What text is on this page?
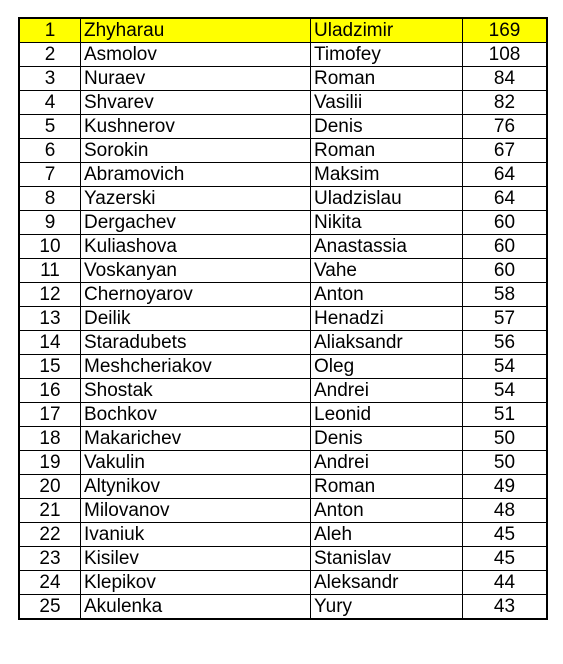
1	Zhyharau	Uladzimir	169
2	Asmolov	Timofey	108
3	Nuraev	Roman	84
4	Shvarev	Vasilii	82
5	Kushnerov	Denis	76
6	Sorokin	Roman	67
7	Abramovich	Maksim	64
8	Yazerski	Uladzislau	64
9	Dergachev	Nikita	60
10	Kuliashova	Anastassia	60
11	Voskanyan	Vahe	60
12	Chernoyarov	Anton	58
13	Deilik	Henadzi	57
14	Staradubets	Aliaksandr	56
15	Meshcheriakov	Oleg	54
16	Shostak	Andrei	54
17	Bochkov	Leonid	51
18	Makarichev	Denis	50
19	Vakulin	Andrei	50
20	Altynikov	Roman	49
21	Milovanov	Anton	48
22	Ivaniuk	Aleh	45
23	Kisilev	Stanislav	45
24	Klepikov	Aleksandr	44
25	Akulenka	Yury	43
